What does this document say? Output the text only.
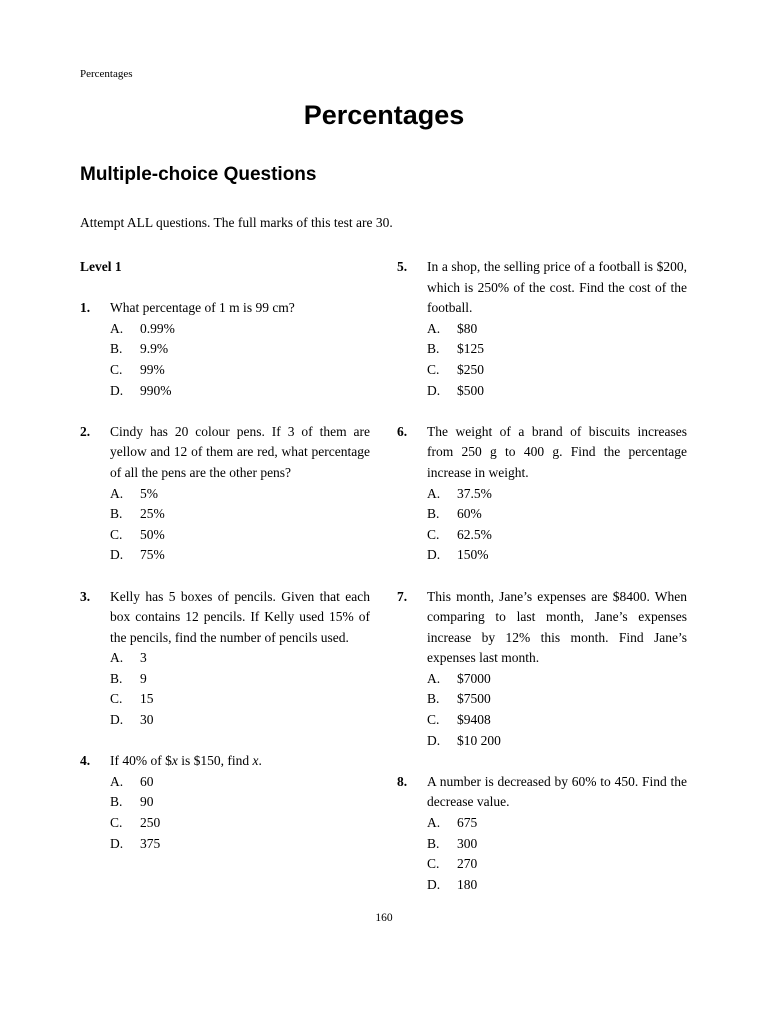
Percentages
Percentages
Multiple-choice Questions
Attempt ALL questions. The full marks of this test are 30.
Level 1
1.	What percentage of 1 m is 99 cm?
A.	0.99%
B.	9.9%
C.	99%
D.	990%
2.	Cindy has 20 colour pens. If 3 of them are yellow and 12 of them are red, what percentage of all the pens are the other pens?
A.	5%
B.	25%
C.	50%
D.	75%
3.	Kelly has 5 boxes of pencils. Given that each box contains 12 pencils. If Kelly used 15% of the pencils, find the number of pencils used.
A.	3
B.	9
C.	15
D.	30
4.	If 40% of $x is $150, find x.
A.	60
B.	90
C.	250
D.	375
5.	In a shop, the selling price of a football is $200, which is 250% of the cost. Find the cost of the football.
A.	$80
B.	$125
C.	$250
D.	$500
6.	The weight of a brand of biscuits increases from 250 g to 400 g. Find the percentage increase in weight.
A.	37.5%
B.	60%
C.	62.5%
D.	150%
7.	This month, Jane’s expenses are $8400. When comparing to last month, Jane’s expenses increase by 12% this month. Find Jane’s expenses last month.
A.	$7000
B.	$7500
C.	$9408
D.	$10 200
8.	A number is decreased by 60% to 450. Find the decrease value.
A.	675
B.	300
C.	270
D.	180
160
